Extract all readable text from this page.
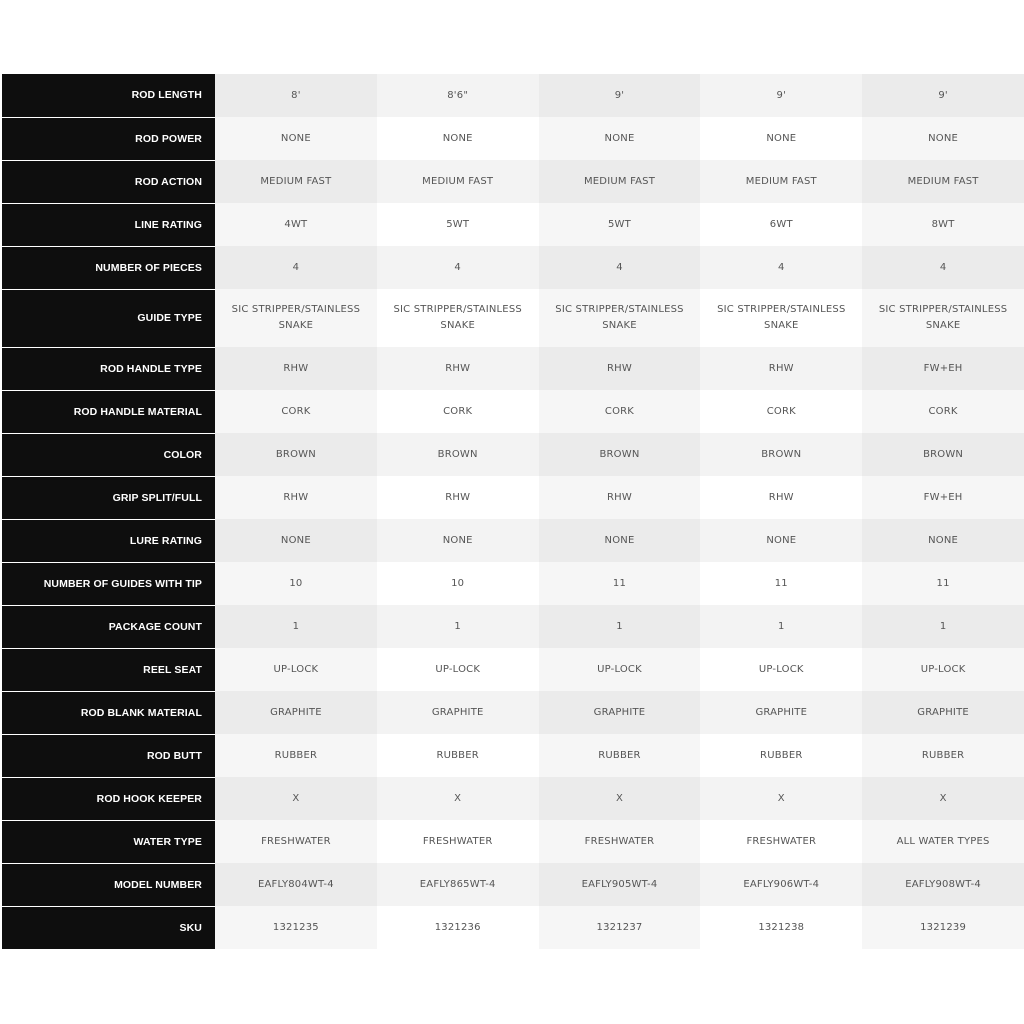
ROD LENGTH	8'	8'6"	9'	9'	9'
ROD POWER	NONE	NONE	NONE	NONE	NONE
ROD ACTION	MEDIUM FAST	MEDIUM FAST	MEDIUM FAST	MEDIUM FAST	MEDIUM FAST
LINE RATING	4WT	5WT	5WT	6WT	8WT
NUMBER OF PIECES	4	4	4	4	4
GUIDE TYPE	SIC STRIPPER/STAINLESS SNAKE	SIC STRIPPER/STAINLESS SNAKE	SIC STRIPPER/STAINLESS SNAKE	SIC STRIPPER/STAINLESS SNAKE	SIC STRIPPER/STAINLESS SNAKE
ROD HANDLE TYPE	RHW	RHW	RHW	RHW	FW+EH
ROD HANDLE MATERIAL	CORK	CORK	CORK	CORK	CORK
COLOR	BROWN	BROWN	BROWN	BROWN	BROWN
GRIP SPLIT/FULL	RHW	RHW	RHW	RHW	FW+EH
LURE RATING	NONE	NONE	NONE	NONE	NONE
NUMBER OF GUIDES WITH TIP	10	10	11	11	11
PACKAGE COUNT	1	1	1	1	1
REEL SEAT	UP-LOCK	UP-LOCK	UP-LOCK	UP-LOCK	UP-LOCK
ROD BLANK MATERIAL	GRAPHITE	GRAPHITE	GRAPHITE	GRAPHITE	GRAPHITE
ROD BUTT	RUBBER	RUBBER	RUBBER	RUBBER	RUBBER
ROD HOOK KEEPER	X	X	X	X	X
WATER TYPE	FRESHWATER	FRESHWATER	FRESHWATER	FRESHWATER	ALL WATER TYPES
MODEL NUMBER	EAFLY804WT-4	EAFLY865WT-4	EAFLY905WT-4	EAFLY906WT-4	EAFLY908WT-4
SKU	1321235	1321236	1321237	1321238	1321239
